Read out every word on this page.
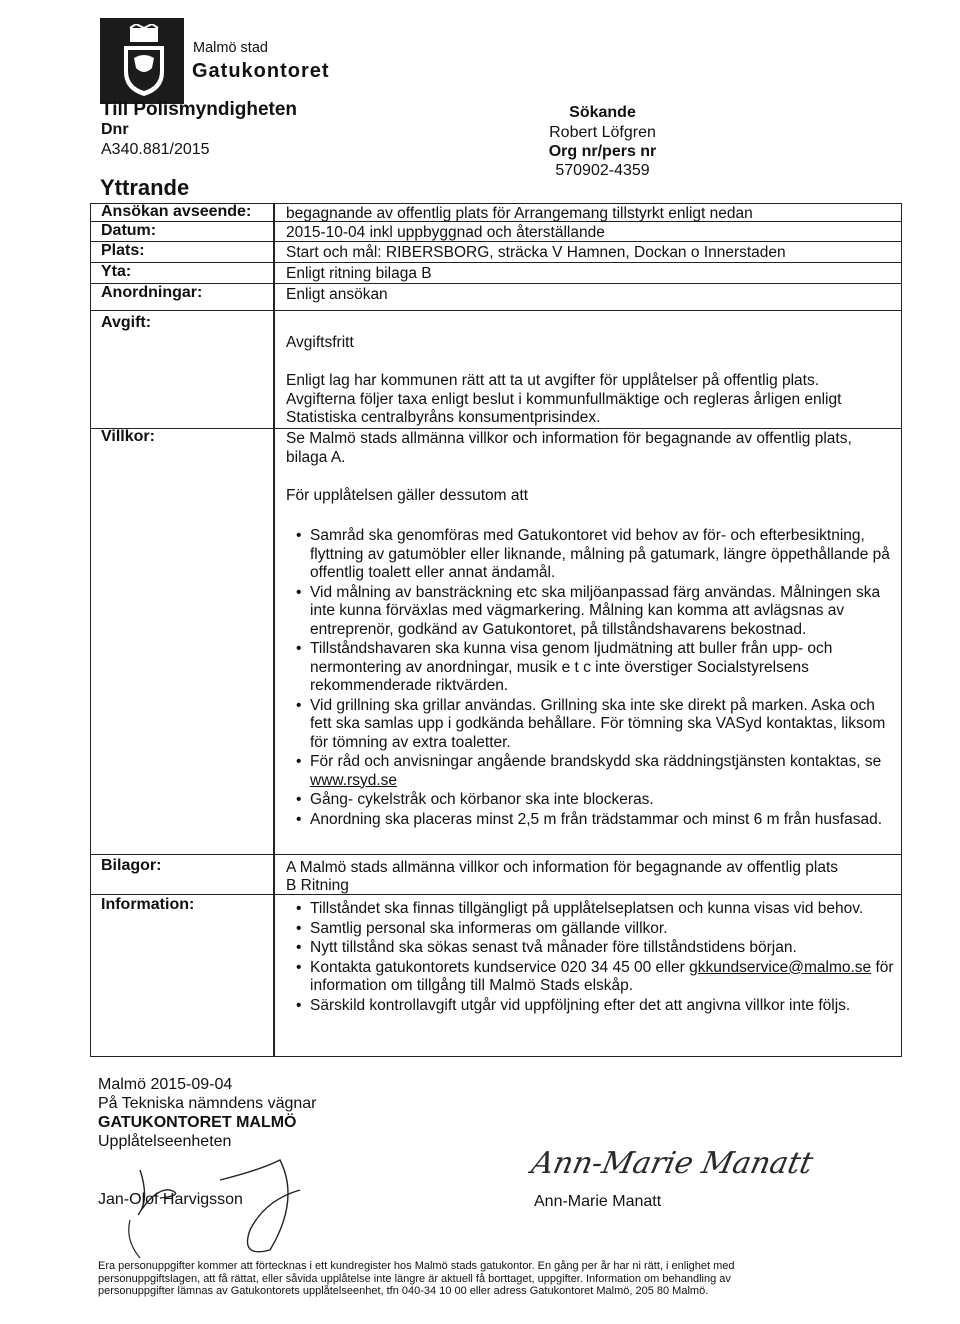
Malmö stad
Gatukontoret
Till Polismyndigheten
Dnr
A340.881/2015
Yttrande
Sökande
Robert Löfgren
Org nr/pers nr
570902-4359
Ansökan avseende: begagnande av offentlig plats för Arrangemang tillstyrkt enligt nedan
Datum:	2015-10-04 inkl uppbyggnad och återställande
Plats:	Start och mål: RIBERSBORG, sträcka V Hamnen, Dockan o Innerstaden
Yta:	Enligt ritning bilaga B
Anordningar:	Enligt ansökan
Avgift:
Avgiftsfritt
Enligt lag har kommunen rätt att ta ut avgifter för upplåtelser på offentlig plats. Avgifterna följer taxa enligt beslut i kommunfullmäktige och regleras årligen enligt Statistiska centralbyråns konsumentprisindex.
Villkor:	Se Malmö stads allmänna villkor och information för begagnande av offentlig plats, bilaga A.
För upplåtelsen gäller dessutom att
• Samråd ska genomföras med Gatukontoret vid behov av för- och efterbesiktning, flyttning av gatumöbler eller liknande, målning på gatumark, längre öppethållande på offentlig toalett eller annat ändamål.
• Vid målning av bansträckning etc ska miljöanpassad färg användas. Målningen ska inte kunna förväxlas med vägmarkering. Målning kan komma att avlägsnas av entreprenör, godkänd av Gatukontoret, på tillståndshavarens bekostnad.
• Tillståndshavaren ska kunna visa genom ljudmätning att buller från upp- och nermontering av anordningar, musik e t c inte överstiger Socialstyrelsens rekommenderade riktvärden.
• Vid grillning ska grillar användas. Grillning ska inte ske direkt på marken. Aska och fett ska samlas upp i godkända behållare. För tömning ska VASyd kontaktas, liksom för tömning av extra toaletter.
• För råd och anvisningar angående brandskydd ska räddningstjänsten kontaktas, se www.rsyd.se
• Gång- cykelstråk och körbanor ska inte blockeras.
• Anordning ska placeras minst 2,5 m från trädstammar och minst 6 m från husfasad.
Bilagor:	A Malmö stads allmänna villkor och information för begagnande av offentlig plats
B Ritning
Information:
•	Tillståndet ska finnas tillgängligt på upplåtelseplatsen och kunna visas vid behov.
• Samtlig personal ska informeras om gällande villkor.
• Nytt tillstånd ska sökas senast två månader före tillståndstidens början.
• Kontakta gatukontorets kundservice 020 34 45 00 eller gkkundservice@malmo.se för information om tillgång till Malmö Stads elskåp.
• Särskild kontrollavgift utgår vid uppföljning efter det att angivna villkor inte följs.
Malmö 2015-09-04
På Tekniska nämndens vägnar
GATUKONTORET MALMÖ
Upplåtelseenheten
Jan-Olof Harvigsson
Ann-Marie Manatt
Ann-Marie Manatt
Era personuppgifter kommer att förtecknas i ett kundregister hos Malmö stads gatukontor. En gång per år har ni rätt, i enlighet med personuppgiftslagen, att få rättat, eller såvida upplåtelse inte längre är aktuell få borttaget, uppgifter. Information om behandling av personuppgifter lämnas av Gatukontorets upplåtelseenhet, tfn 040-34 10 00 eller adress Gatukontoret Malmö, 205 80 Malmö.
